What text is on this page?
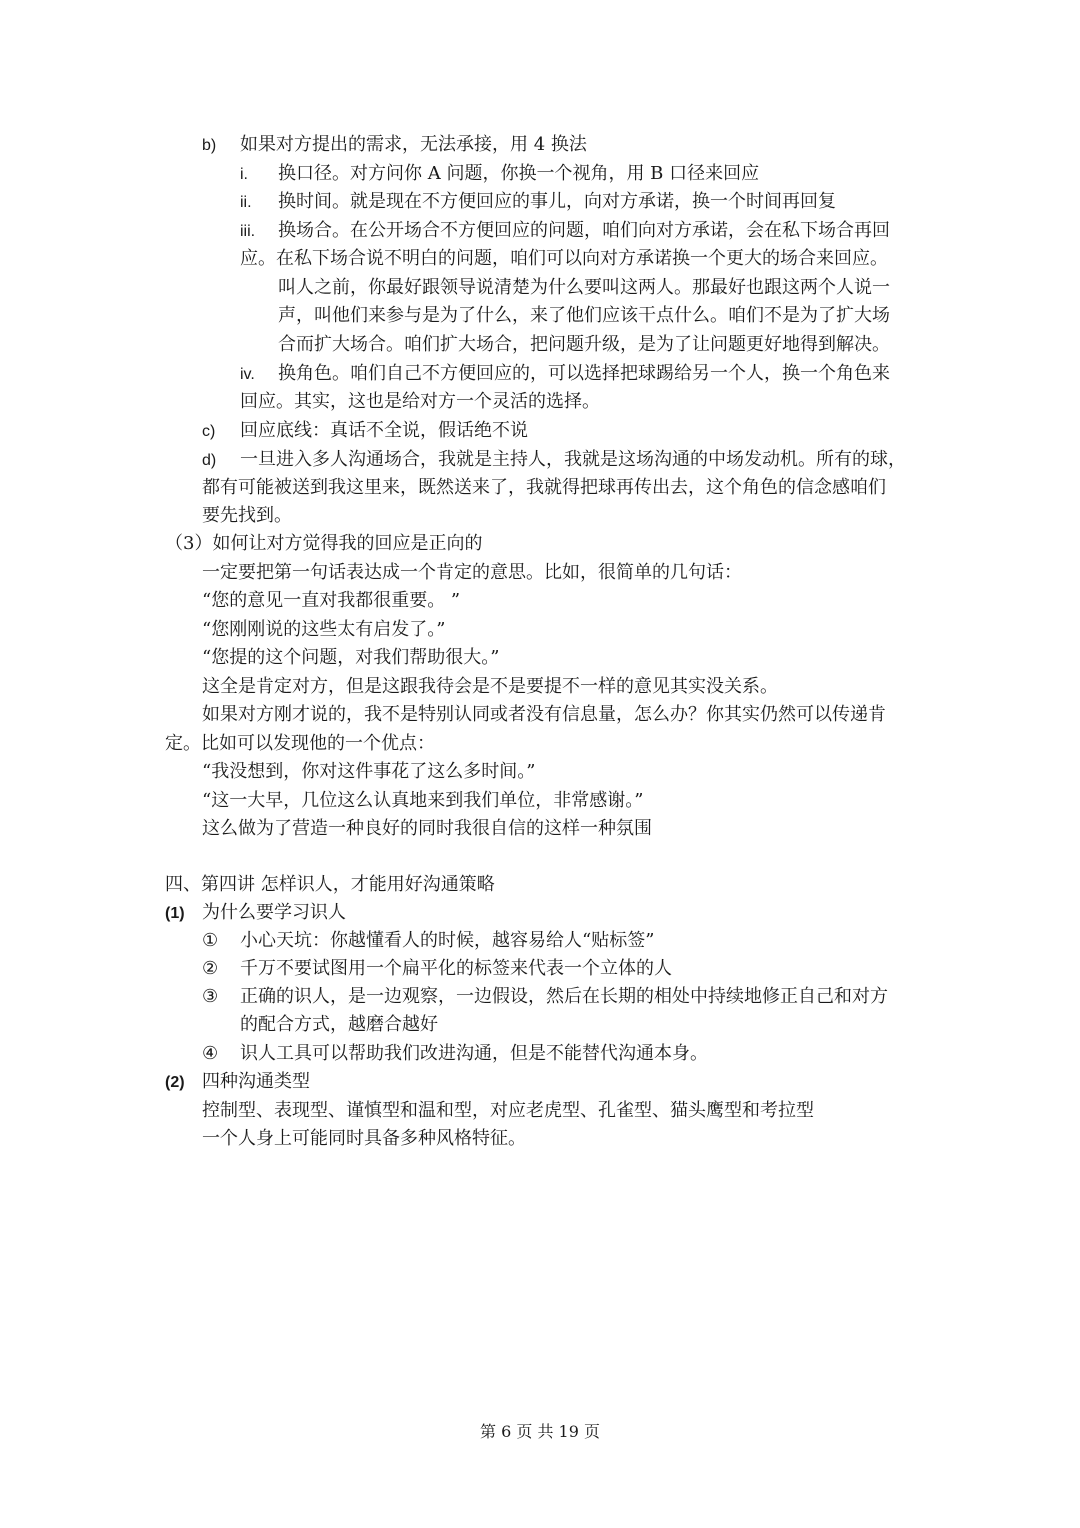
b) 如果对方提出的需求，无法承接，用 4 换法
i. 换口径。对方问你 A 问题，你换一个视角，用 B 口径来回应
ii. 换时间。就是现在不方便回应的事儿，向对方承诺，换一个时间再回复
iii. 换场合。在公开场合不方便回应的问题，咱们向对方承诺，会在私下场合再回
应。在私下场合说不明白的问题，咱们可以向对方承诺换一个更大的场合来回应。
叫人之前，你最好跟领导说清楚为什么要叫这两人。那最好也跟这两个人说一
声，叫他们来参与是为了什么，来了他们应该干点什么。咱们不是为了扩大场
合而扩大场合。咱们扩大场合，把问题升级，是为了让问题更好地得到解决。
iv. 换角色。咱们自己不方便回应的，可以选择把球踢给另一个人，换一个角色来
回应。其实，这也是给对方一个灵活的选择。
c) 回应底线：真话不全说，假话绝不说
d) 一旦进入多人沟通场合，我就是主持人，我就是这场沟通的中场发动机。所有的球，
都有可能被送到我这里来，既然送来了，我就得把球再传出去，这个角色的信念感咱们
要先找到。
（3）如何让对方觉得我的回应是正向的
一定要把第一句话表达成一个肯定的意思。比如，很简单的几句话：
“您的意见一直对我都很重要。 ”
“您刚刚说的这些太有启发了。”
“您提的这个问题，对我们帮助很大。”
这全是肯定对方，但是这跟我待会是不是要提不一样的意见其实没关系。
如果对方刚才说的，我不是特别认同或者没有信息量，怎么办？你其实仍然可以传递肯
定。比如可以发现他的一个优点：
“我没想到，你对这件事花了这么多时间。”
“这一大早，几位这么认真地来到我们单位，非常感谢。”
这么做为了营造一种良好的同时我很自信的这样一种氛围
四、第四讲 怎样识人，才能用好沟通策略
(1) 为什么要学习识人
① 小心天坑：你越懂看人的时候，越容易给人“贴标签”
② 千万不要试图用一个扁平化的标签来代表一个立体的人
③ 正确的识人，是一边观察，一边假设，然后在长期的相处中持续地修正自己和对方
的配合方式，越磨合越好
④ 识人工具可以帮助我们改进沟通，但是不能替代沟通本身。
(2) 四种沟通类型
控制型、表现型、谨慎型和温和型，对应老虎型、孔雀型、猫头鹰型和考拉型
一个人身上可能同时具备多种风格特征。
第 6 页 共 19 页
